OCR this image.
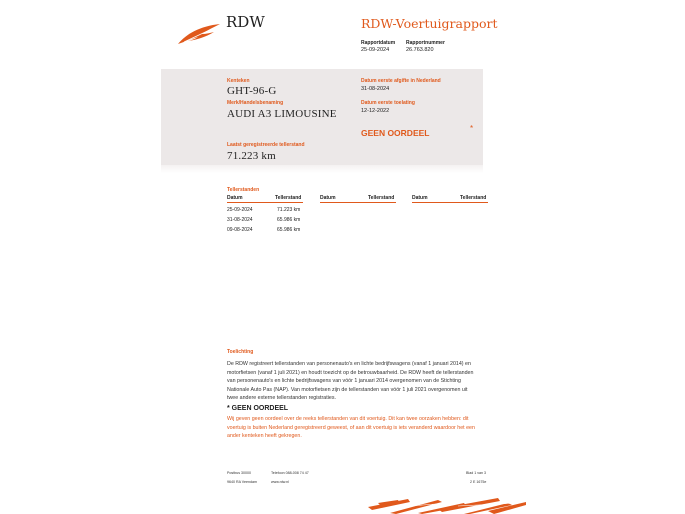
RDW	RDW-Voertuigrapport
Rapportdatum
25-09-2024
Rapportnummer
26.763.820
Kenteken
GHT-96-G
Merk/Handelsbenaming
AUDI A3 LIMOUSINE
Datum eerste afgifte in Nederland
31-08-2024
Datum eerste toelating
12-12-2022
GEEN OORDEEL	*
Laatst geregistreerde tellerstand
71.223 km
Tellerstanden
Datum	Tellerstand	Datum	Tellerstand	Datum	Tellerstand
25-09-2024	71.223 km
31-08-2024	65.986 km
09-08-2024	65.986 km
Toelichting
De RDW registreert tellerstanden van personenauto's en lichte bedrijfswagens (vanaf 1 januari 2014) en
motorfietsen (vanaf 1 juli 2021) en houdt toezicht op de betrouwbaarheid. De RDW heeft de tellerstanden
van personenauto's en lichte bedrijfswagens van vóór 1 januari 2014 overgenomen van de Stichting
Nationale Auto Pas (NAP). Van motorfietsen zijn de tellerstanden van vóór 1 juli 2021 overgenomen uit
twee andere externe tellerstanden registraties.
* GEEN OORDEEL
Wij geven geen oordeel over de reeks tellerstanden van dit voertuig. Dit kan twee oorzaken hebben: dit
voertuig is buiten Nederland geregistreerd geweest, of aan dit voertuig is iets veranderd waardoor het een
ander kenteken heeft gekregen.
Postbus 30000
9640 RA Veendam
Telefoon 088-008 74 47
www.rdw.nl
Blad 1 van 3
2 E 1675e
